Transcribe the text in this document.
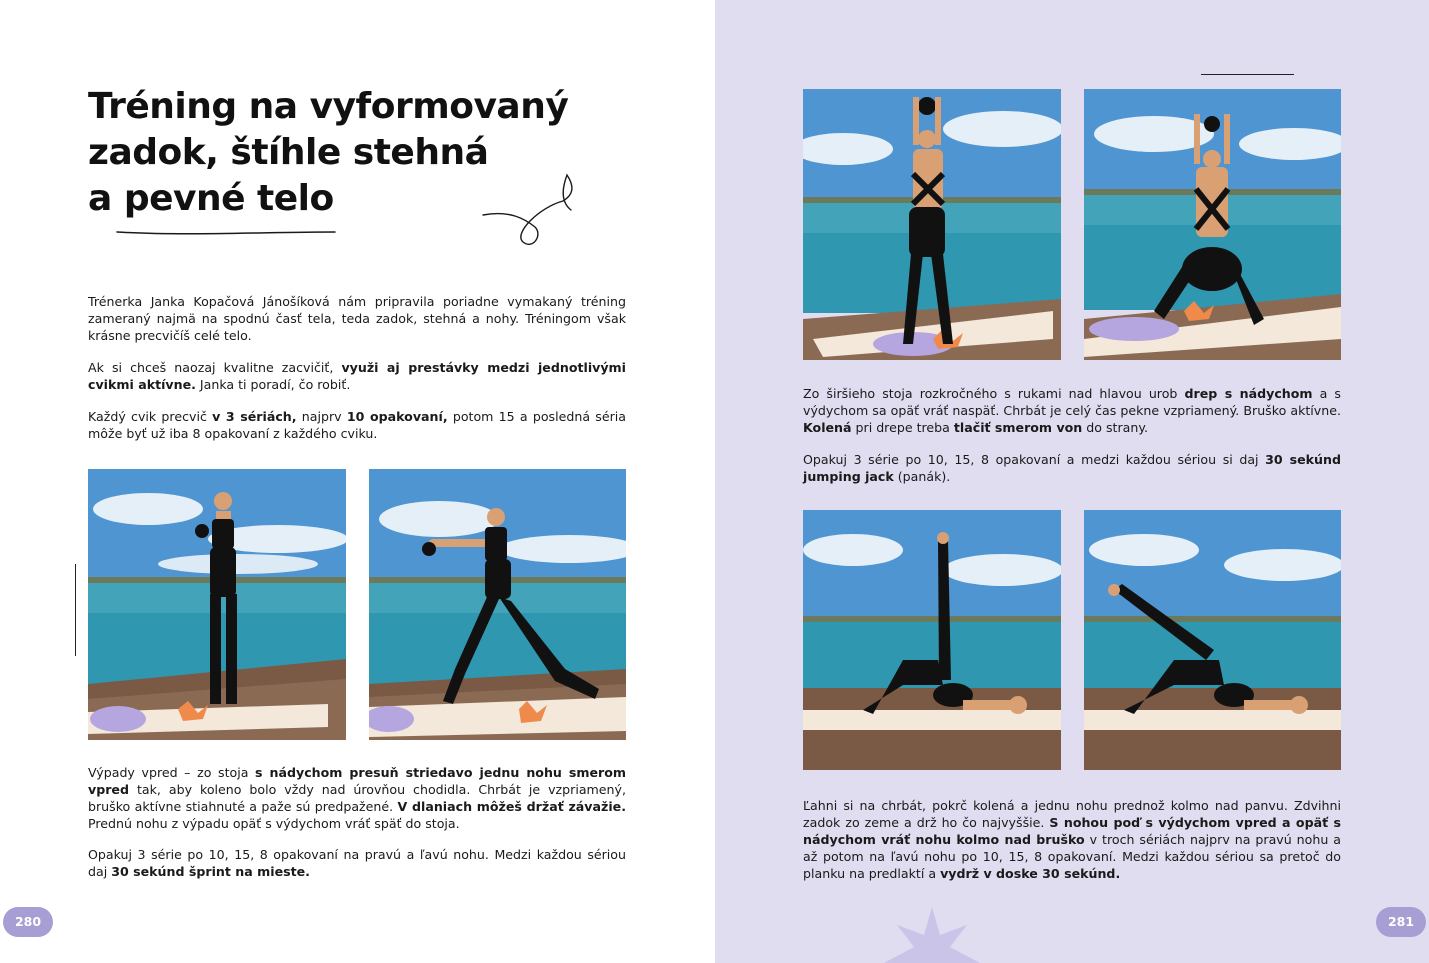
Tréning na vyformovaný
zadok, štíhle stehná
a pevné telo

Trénerka Janka Kopačová Jánošíková nám pripravila poriadne vymakaný tréning zameraný najmä na spodnú časť tela, teda zadok, stehná a nohy. Tréningom však krásne precvičíš celé telo.

Ak si chceš naozaj kvalitne zacvičiť, využi aj prestávky medzi jednotlivými cvikmi aktívne. Janka ti poradí, čo robiť.

Každý cvik precvič v 3 sériách, najprv 10 opakovaní, potom 15 a posledná séria môže byť už iba 8 opakovaní z každého cviku.

Výpady vpred – zo stoja s nádychom presuň striedavo jednu nohu smerom vpred tak, aby koleno bolo vždy nad úrovňou chodidla. Chrbát je vzpriamený, bruško aktívne stiahnuté a paže sú predpažené. V dlaniach môžeš držať závažie. Prednú nohu z výpadu opäť s výdychom vráť späť do stoja.

Opakuj 3 série po 10, 15, 8 opakovaní na pravú a ľavú nohu. Medzi každou sériou daj 30 sekúnd šprint na mieste.

280

Zo širšieho stoja rozkročného s rukami nad hlavou urob drep s nádychom a s výdychom sa opäť vráť naspäť. Chrbát je celý čas pekne vzpriamený. Bruško aktívne. Kolená pri drepe treba tlačiť smerom von do strany.

Opakuj 3 série po 10, 15, 8 opakovaní a medzi každou sériou si daj 30 sekúnd jumping jack (panák).

Ľahni si na chrbát, pokrč kolená a jednu nohu prednož kolmo nad panvu. Zdvihni zadok zo zeme a drž ho čo najvyššie. S nohou poď s výdychom vpred a opäť s nádychom vráť nohu kolmo nad bruško v troch sériách najprv na pravú nohu a až potom na ľavú nohu po 10, 15, 8 opakovaní. Medzi každou sériou sa pretoč do planku na predlaktí a vydrž v doske 30 sekúnd.

281
